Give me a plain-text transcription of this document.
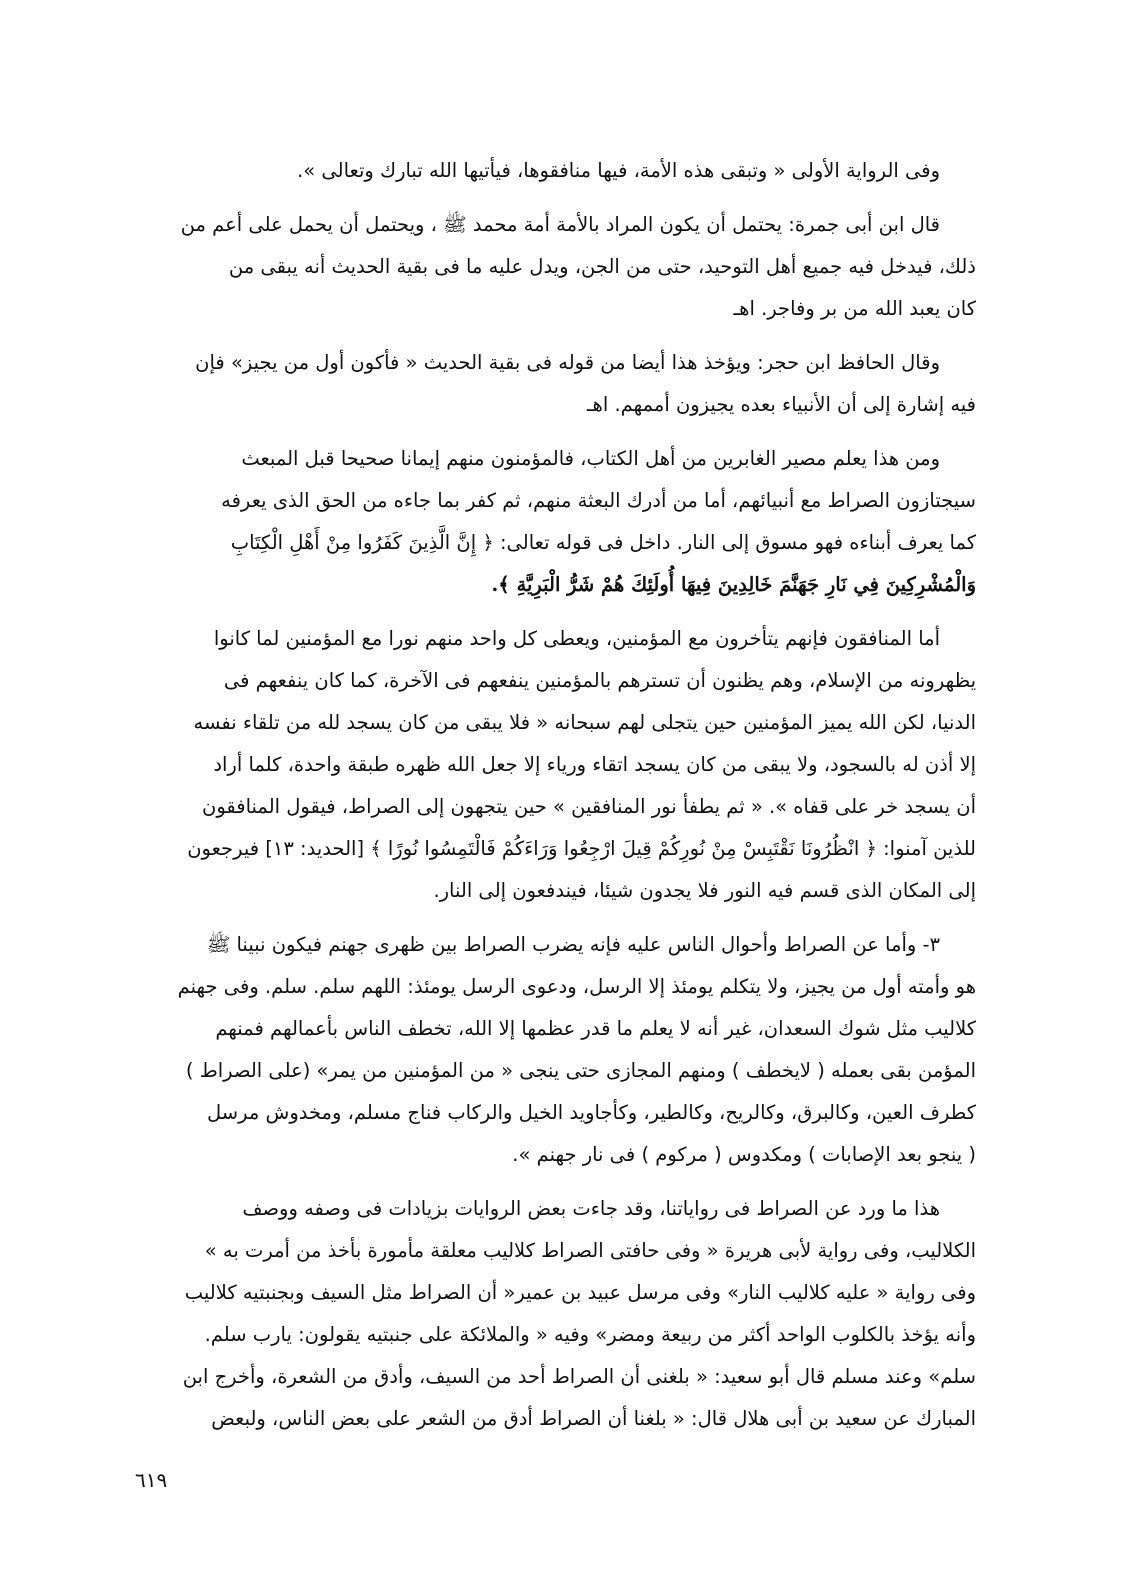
وفى الرواية الأولى « وتبقى هذه الأمة، فيها منافقوها، فيأتيها الله تبارك وتعالى ».

قال ابن أبى جمرة: يحتمل أن يكون المراد بالأمة أمة محمد ﷺ ، ويحتمل أن يحمل على أعم من
ذلك، فيدخل فيه جميع أهل التوحيد، حتى من الجن، ويدل عليه ما فى بقية الحديث أنه يبقى من
كان يعبد الله من بر وفاجر. اهـ

وقال الحافظ ابن حجر: ويؤخذ هذا أيضا من قوله فى بقية الحديث « فأكون أول من يجيز» فإن
فيه إشارة إلى أن الأنبياء بعده يجيزون أممهم. اهـ

ومن هذا يعلم مصير الغابرين من أهل الكتاب، فالمؤمنون منهم إيمانا صحيحا قبل المبعث
سيجتازون الصراط مع أنبيائهم، أما من أدرك البعثة منهم، ثم كفر بما جاءه من الحق الذى يعرفه
كما يعرف أبناءه فهو مسوق إلى النار. داخل فى قوله تعالى: ﴿ إِنَّ الَّذِينَ كَفَرُوا مِنْ أَهْلِ الْكِتَابِ
وَالْمُشْرِكِينَ فِي نَارِ جَهَنَّمَ خَالِدِينَ فِيهَا أُولَئِكَ هُمْ شَرُّ الْبَرِيَّةِ ﴾.

أما المنافقون فإنهم يتأخرون مع المؤمنين، ويعطى كل واحد منهم نورا مع المؤمنين لما كانوا
يظهرونه من الإسلام، وهم يظنون أن تسترهم بالمؤمنين ينفعهم فى الآخرة، كما كان ينفعهم فى
الدنيا، لكن الله يميز المؤمنين حين يتجلى لهم سبحانه « فلا يبقى من كان يسجد لله من تلقاء نفسه
إلا أذن له بالسجود، ولا يبقى من كان يسجد اتقاء ورياء إلا جعل الله ظهره طبقة واحدة، كلما أراد
أن يسجد خر على قفاه ». « ثم يطفأ نور المنافقين » حين يتجهون إلى الصراط، فيقول المنافقون
للذين آمنوا: ﴿ انْظُرُونَا نَقْتَبِسْ مِنْ نُورِكُمْ قِيلَ ارْجِعُوا وَرَاءَكُمْ فَالْتَمِسُوا نُورًا ﴾ [الحديد: ١٣] فيرجعون
إلى المكان الذى قسم فيه النور فلا يجدون شيئا، فيندفعون إلى النار.

٣- وأما عن الصراط وأحوال الناس عليه فإنه يضرب الصراط بين ظهرى جهنم فيكون نبينا ﷺ
هو وأمته أول من يجيز، ولا يتكلم يومئذ إلا الرسل، ودعوى الرسل يومئذ: اللهم سلم. سلم. وفى جهنم
كلاليب مثل شوك السعدان، غير أنه لا يعلم ما قدر عظمها إلا الله، تخطف الناس بأعمالهم فمنهم
المؤمن بقى بعمله ( لايخطف ) ومنهم المجازى حتى ينجى « من المؤمنين من يمر» (على الصراط )
كطرف العين، وكالبرق، وكالريح، وكالطير، وكأجاويد الخيل والركاب فناج مسلم، ومخدوش مرسل
( ينجو بعد الإصابات ) ومكدوس ( مركوم ) فى نار جهنم ».

هذا ما ورد عن الصراط فى رواياتنا، وقد جاءت بعض الروايات بزيادات فى وصفه ووصف
الكلاليب، وفى رواية لأبى هريرة « وفى حافتى الصراط كلاليب معلقة مأمورة بأخذ من أمرت به »
وفى رواية « عليه كلاليب النار» وفى مرسل عبيد بن عمير« أن الصراط مثل السيف وبجنبتيه كلاليب
وأنه يؤخذ بالكلوب الواحد أكثر من ربيعة ومضر» وفيه « والملائكة على جنبتيه يقولون: يارب سلم.
سلم» وعند مسلم قال أبو سعيد: « بلغنى أن الصراط أحد من السيف، وأدق من الشعرة، وأخرج ابن
المبارك عن سعيد بن أبى هلال قال: « بلغنا أن الصراط أدق من الشعر على بعض الناس، ولبعض

٦١٩
